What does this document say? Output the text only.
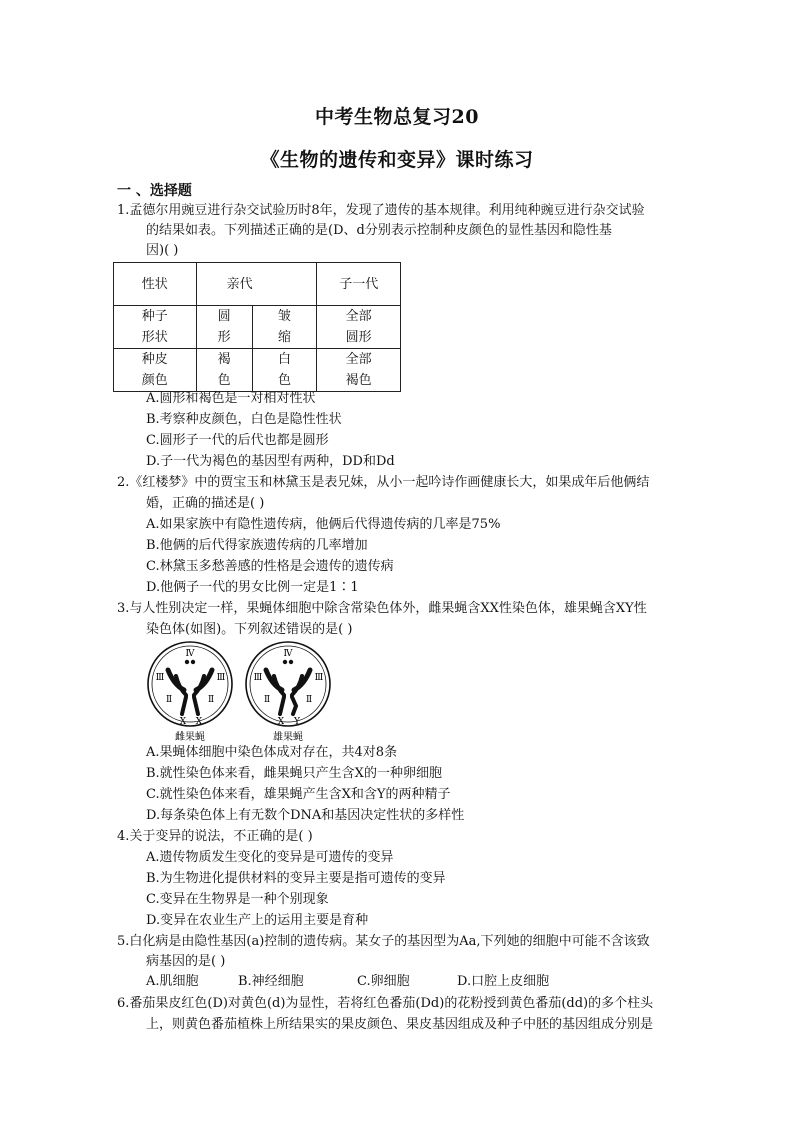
中考生物总复习20
《生物的遗传和变异》课时练习
一 、选择题
1.孟德尔用豌豆进行杂交试验历时8年，发现了遗传的基本规律。利用纯种豌豆进行杂交试验
的结果如表。下列描述正确的是(D、d分别表示控制种皮颜色的显性基因和隐性基
因)( )
性状	亲代		子一代
种子形状	圆形	皱缩	全部圆形
种皮颜色	褐色	白色	全部褐色
A.圆形和褐色是一对相对性状
B.考察种皮颜色，白色是隐性性状
C.圆形子一代的后代也都是圆形
D.子一代为褐色的基因型有两种，DD和Dd
2.《红楼梦》中的贾宝玉和林黛玉是表兄妹，从小一起吟诗作画健康长大，如果成年后他俩结
婚，正确的描述是( )
A.如果家族中有隐性遗传病，他俩后代得遗传病的几率是75%
B.他俩的后代得家族遗传病的几率增加
C.林黛玉多愁善感的性格是会遗传的遗传病
D.他俩子一代的男女比例一定是1∶1
3.与人性别决定一样，果蝇体细胞中除含常染色体外，雌果蝇含XX性染色体，雄果蝇含XY性
染色体(如图)。下列叙述错误的是( )
Ⅳ
Ⅲ	Ⅲ
Ⅱ	Ⅱ
X X
Ⅳ
Ⅲ	Ⅲ
Ⅱ	Ⅱ
X Y
雌果蝇	雄果蝇
A.果蝇体细胞中染色体成对存在，共4对8条
B.就性染色体来看，雌果蝇只产生含X的一种卵细胞
C.就性染色体来看，雄果蝇产生含X和含Y的两种精子
D.每条染色体上有无数个DNA和基因决定性状的多样性
4.关于变异的说法，不正确的是( )
A.遗传物质发生变化的变异是可遗传的变异
B.为生物进化提供材料的变异主要是指可遗传的变异
C.变异在生物界是一种个别现象
D.变异在农业生产上的运用主要是育种
5.白化病是由隐性基因(a)控制的遗传病。某女子的基因型为Aa,下列她的细胞中可能不含该致
病基因的是( )
A.肌细胞	B.神经细胞	C.卵细胞	D.口腔上皮细胞
6.番茄果皮红色(D)对黄色(d)为显性，若将红色番茄(Dd)的花粉授到黄色番茄(dd)的多个柱头
上，则黄色番茄植株上所结果实的果皮颜色、果皮基因组成及种子中胚的基因组成分别是
